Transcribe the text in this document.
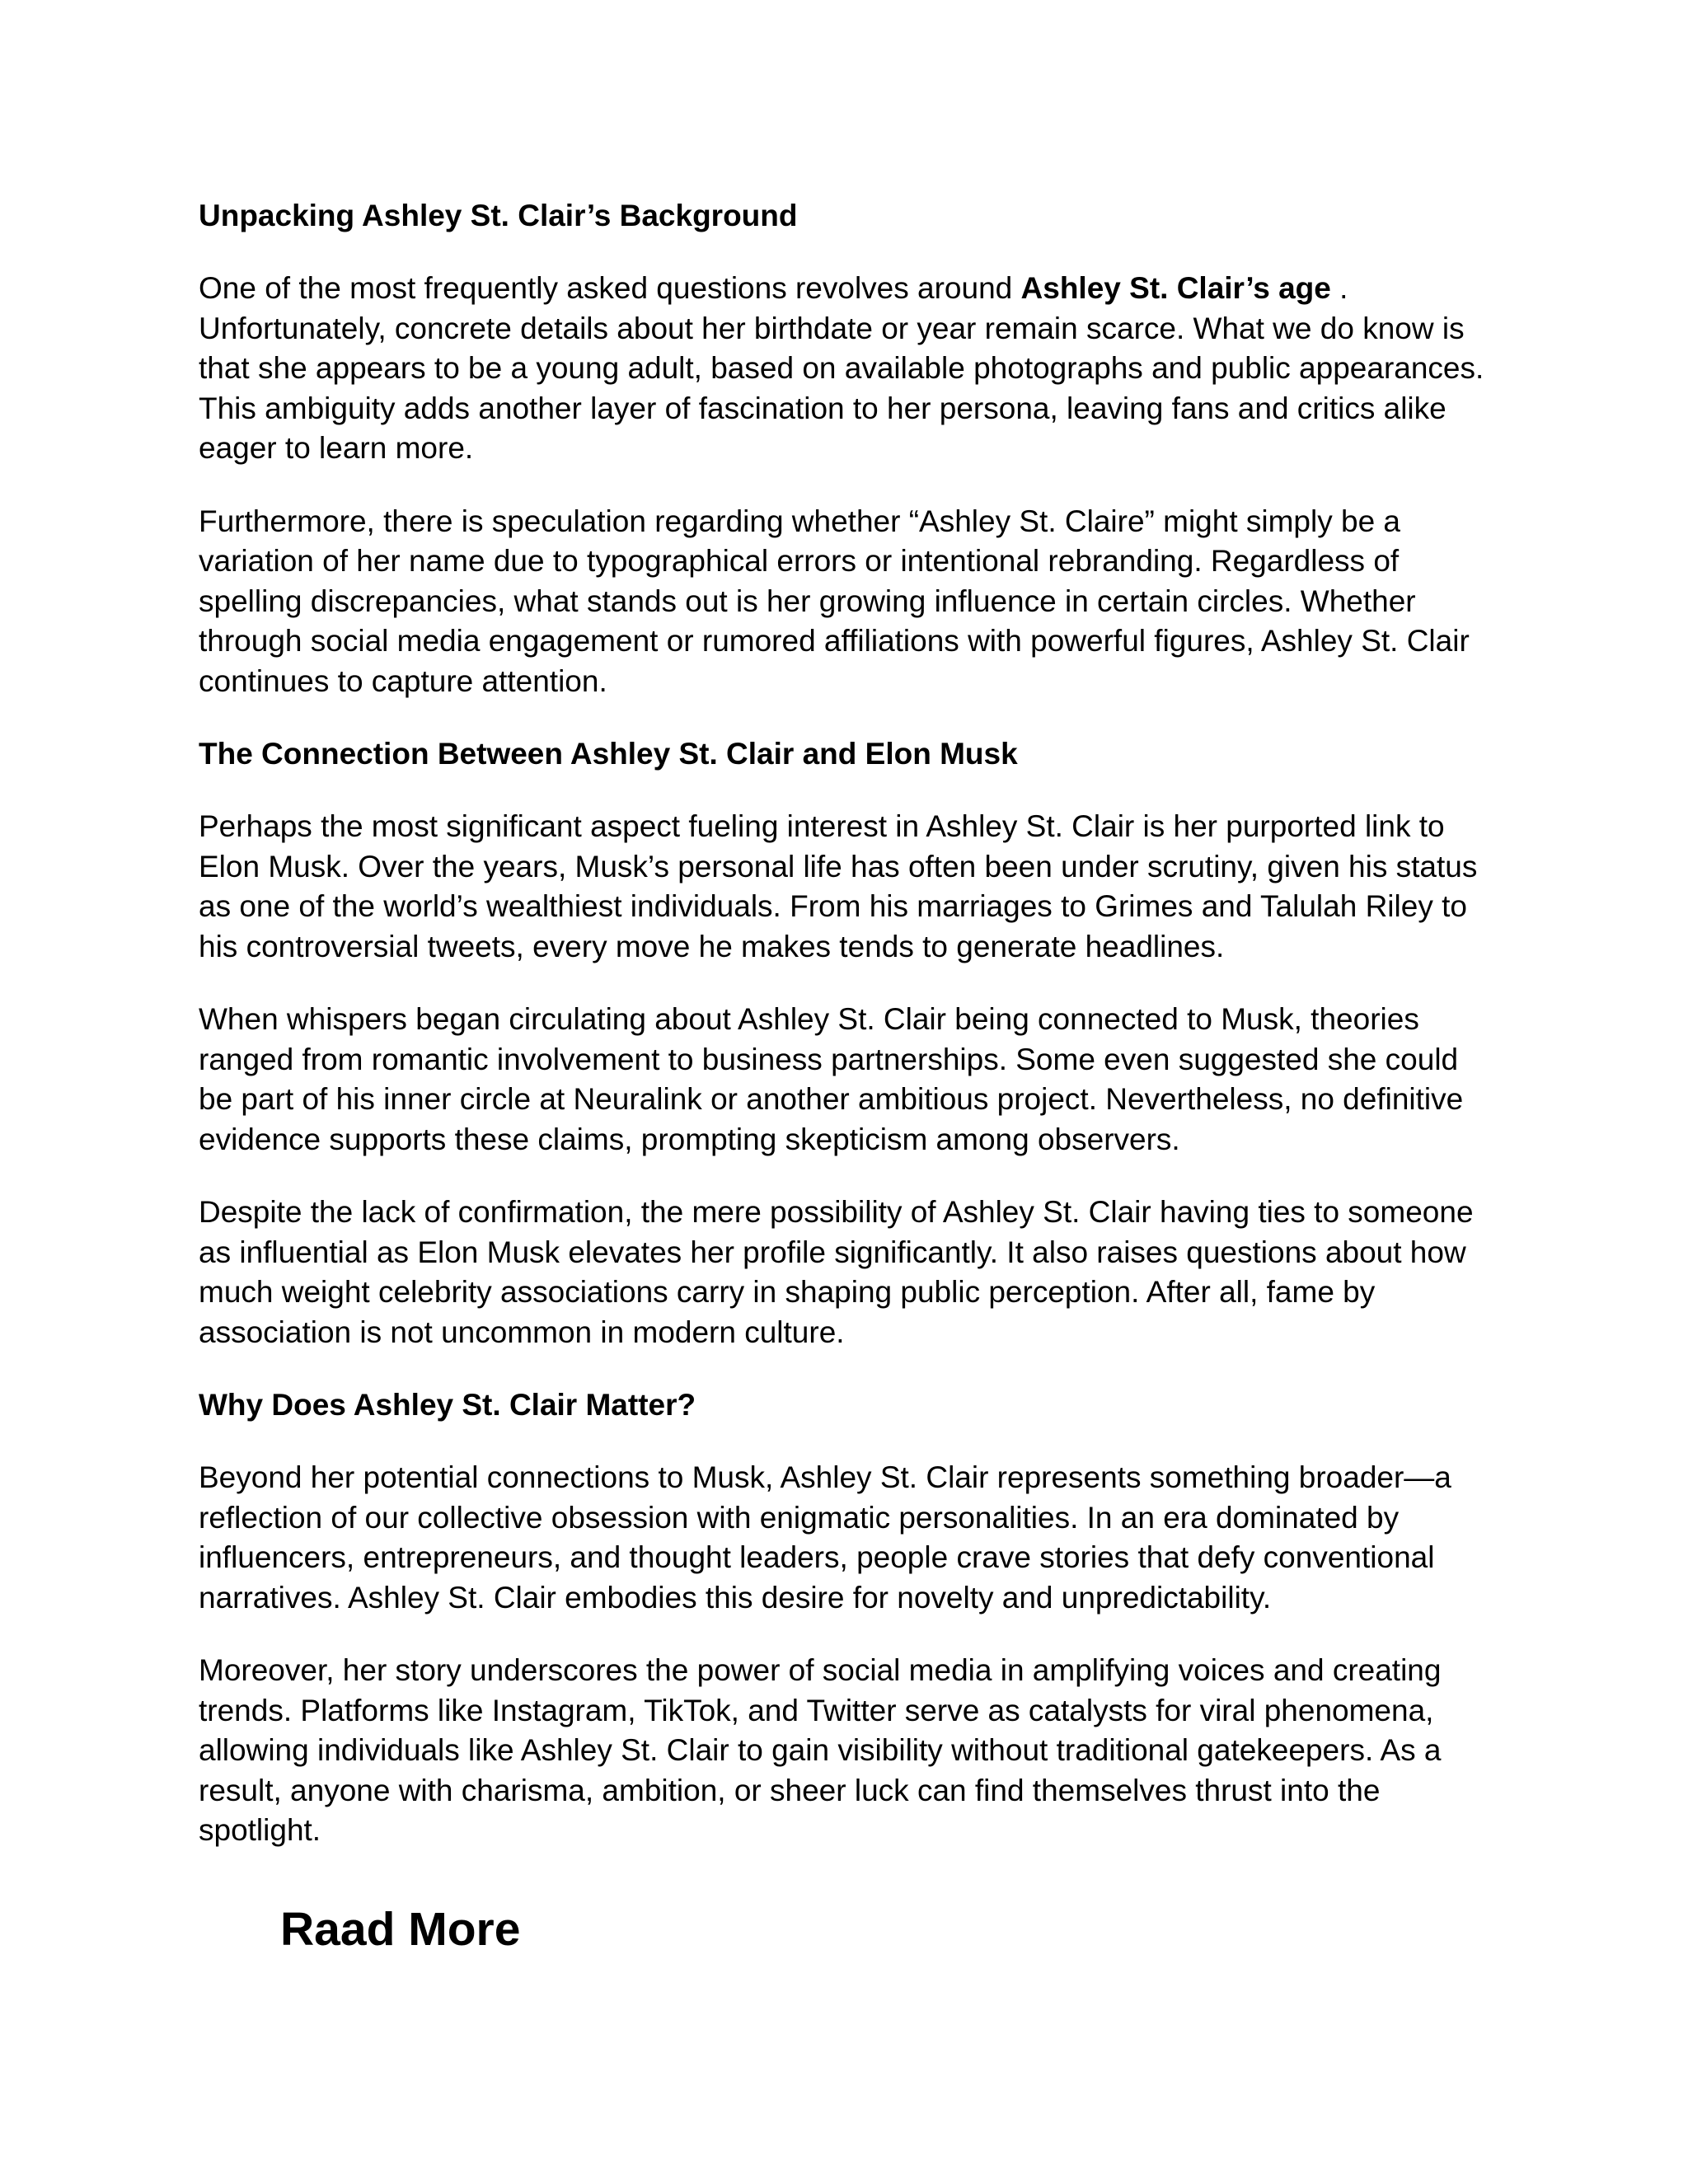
Unpacking Ashley St. Clair’s Background

One of the most frequently asked questions revolves around Ashley St. Clair’s age . Unfortunately, concrete details about her birthdate or year remain scarce. What we do know is that she appears to be a young adult, based on available photographs and public appearances. This ambiguity adds another layer of fascination to her persona, leaving fans and critics alike eager to learn more.

Furthermore, there is speculation regarding whether “Ashley St. Claire” might simply be a variation of her name due to typographical errors or intentional rebranding. Regardless of spelling discrepancies, what stands out is her growing influence in certain circles. Whether through social media engagement or rumored affiliations with powerful figures, Ashley St. Clair continues to capture attention.

The Connection Between Ashley St. Clair and Elon Musk

Perhaps the most significant aspect fueling interest in Ashley St. Clair is her purported link to Elon Musk. Over the years, Musk’s personal life has often been under scrutiny, given his status as one of the world’s wealthiest individuals. From his marriages to Grimes and Talulah Riley to his controversial tweets, every move he makes tends to generate headlines.

When whispers began circulating about Ashley St. Clair being connected to Musk, theories ranged from romantic involvement to business partnerships. Some even suggested she could be part of his inner circle at Neuralink or another ambitious project. Nevertheless, no definitive evidence supports these claims, prompting skepticism among observers.

Despite the lack of confirmation, the mere possibility of Ashley St. Clair having ties to someone as influential as Elon Musk elevates her profile significantly. It also raises questions about how much weight celebrity associations carry in shaping public perception. After all, fame by association is not uncommon in modern culture.

Why Does Ashley St. Clair Matter?

Beyond her potential connections to Musk, Ashley St. Clair represents something broader—a reflection of our collective obsession with enigmatic personalities. In an era dominated by influencers, entrepreneurs, and thought leaders, people crave stories that defy conventional narratives. Ashley St. Clair embodies this desire for novelty and unpredictability.

Moreover, her story underscores the power of social media in amplifying voices and creating trends. Platforms like Instagram, TikTok, and Twitter serve as catalysts for viral phenomena, allowing individuals like Ashley St. Clair to gain visibility without traditional gatekeepers. As a result, anyone with charisma, ambition, or sheer luck can find themselves thrust into the spotlight.

Raad More
